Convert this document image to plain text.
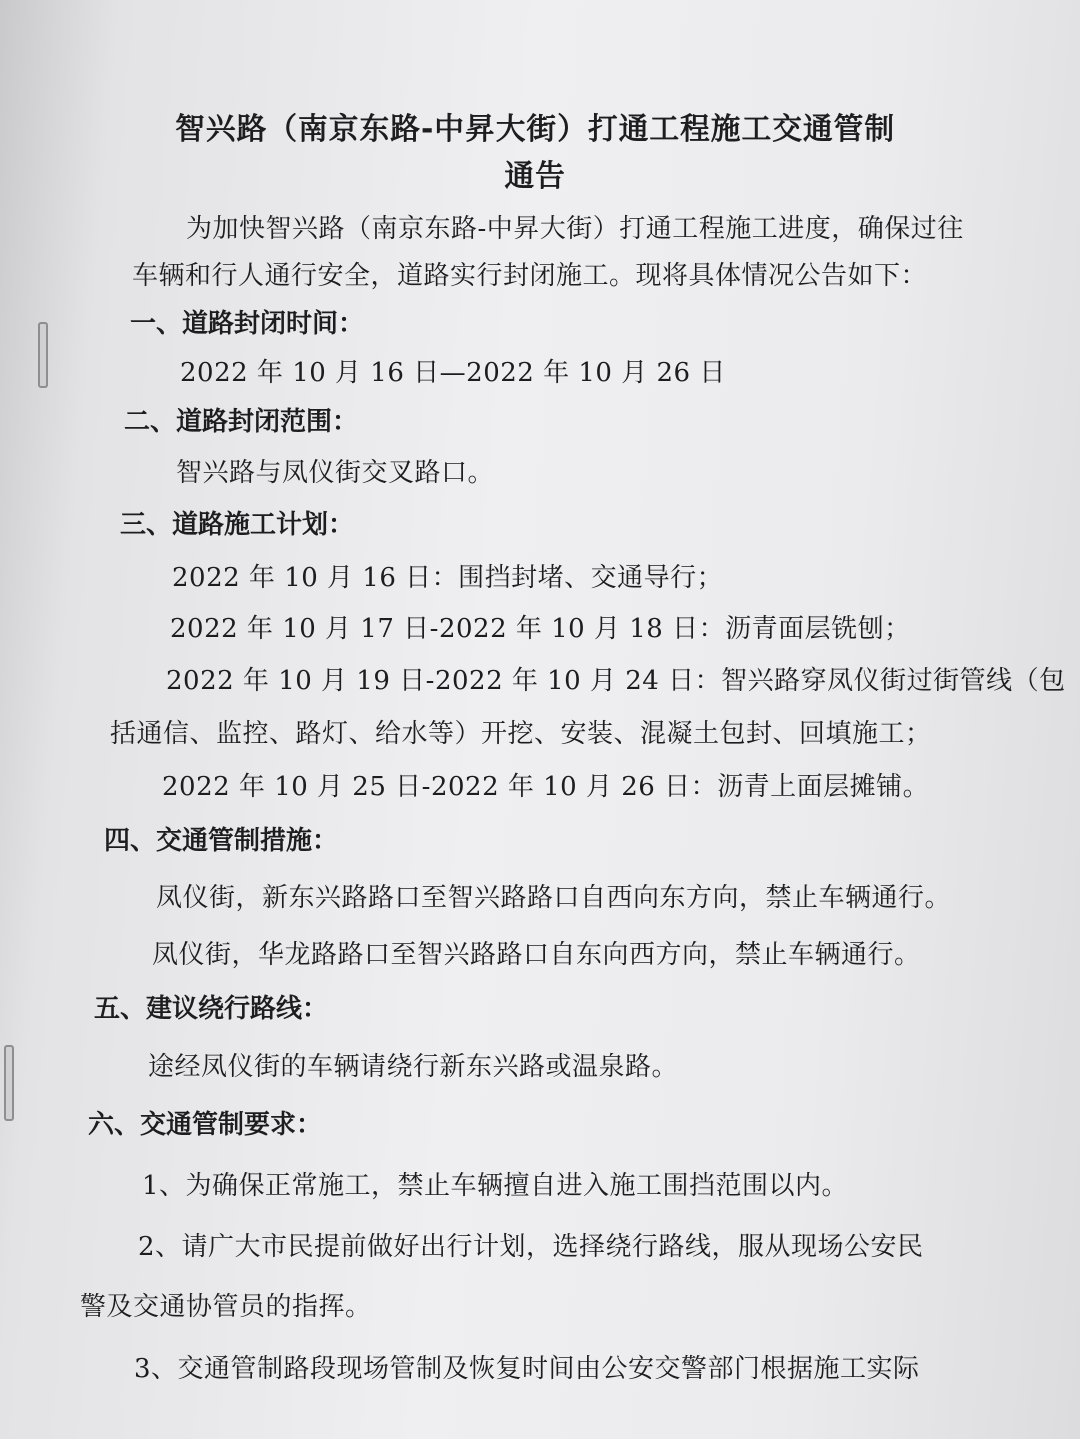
智兴路（南京东路-中昇大街）打通工程施工交通管制
通告
为加快智兴路（南京东路-中昇大街）打通工程施工进度，确保过往
车辆和行人通行安全，道路实行封闭施工。现将具体情况公告如下：
一、道路封闭时间：
2022 年 10 月 16 日—2022 年 10 月 26 日
二、道路封闭范围：
智兴路与凤仪街交叉路口。
三、道路施工计划：
2022 年 10 月 16 日：围挡封堵、交通导行；
2022 年 10 月 17 日-2022 年 10 月 18 日：沥青面层铣刨；
2022 年 10 月 19 日-2022 年 10 月 24 日：智兴路穿凤仪街过街管线（包
括通信、监控、路灯、给水等）开挖、安装、混凝土包封、回填施工；
2022 年 10 月 25 日-2022 年 10 月 26 日：沥青上面层摊铺。
四、交通管制措施：
凤仪街，新东兴路路口至智兴路路口自西向东方向，禁止车辆通行。
凤仪街，华龙路路口至智兴路路口自东向西方向，禁止车辆通行。
五、建议绕行路线：
途经凤仪街的车辆请绕行新东兴路或温泉路。
六、交通管制要求：
1、为确保正常施工，禁止车辆擅自进入施工围挡范围以内。
2、请广大市民提前做好出行计划，选择绕行路线，服从现场公安民
警及交通协管员的指挥。
3、交通管制路段现场管制及恢复时间由公安交警部门根据施工实际
